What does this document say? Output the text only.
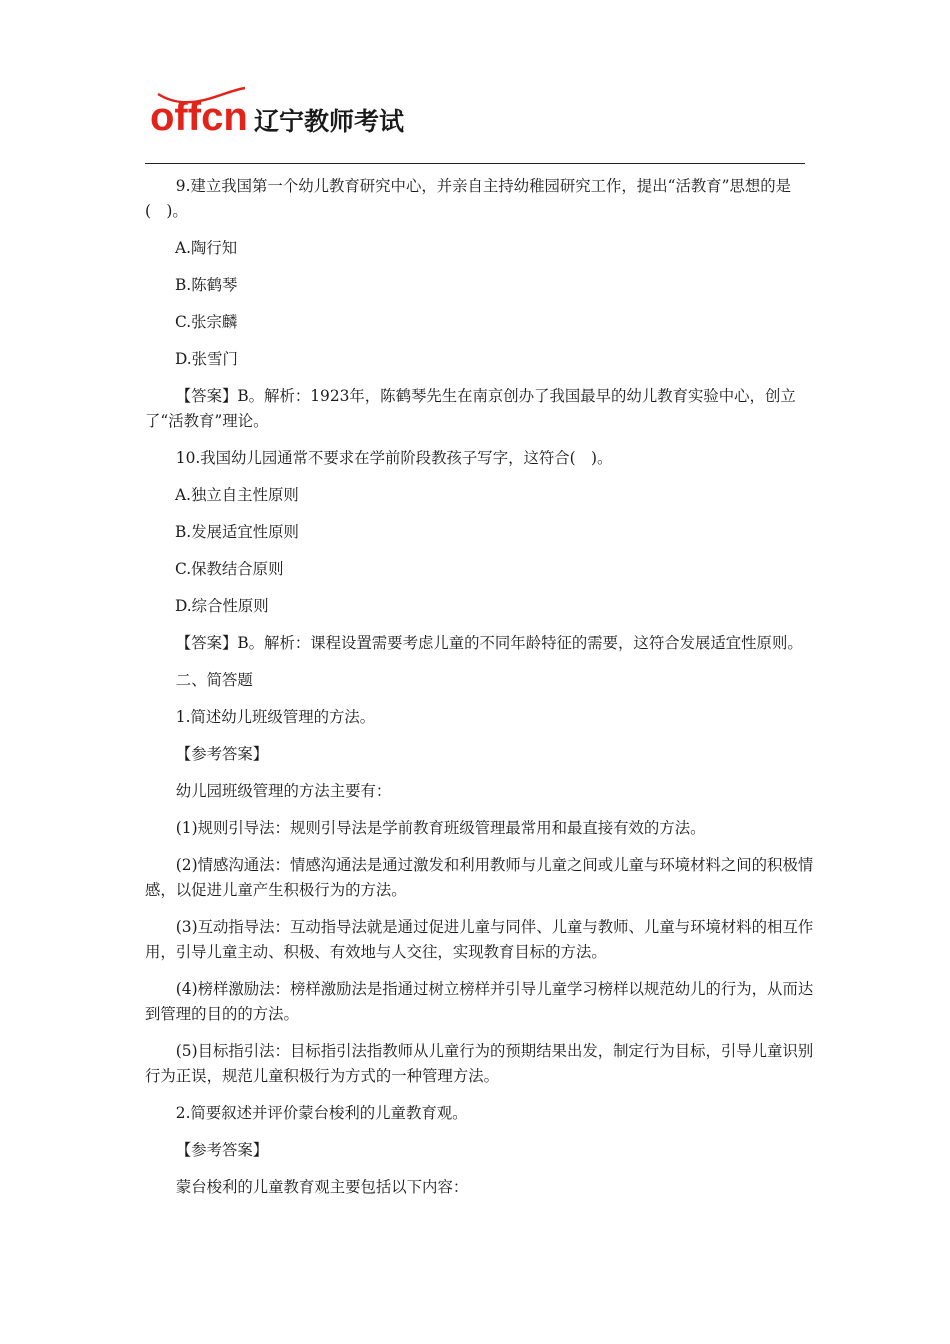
offcn 辽宁教师考试

9.建立我国第一个幼儿教育研究中心，并亲自主持幼稚园研究工作，提出“活教育”思想的是(　)。

A.陶行知

B.陈鹤琴

C.张宗麟

D.张雪门

【答案】B。解析：1923年，陈鹤琴先生在南京创办了我国最早的幼儿教育实验中心，创立了“活教育”理论。

10.我国幼儿园通常不要求在学前阶段教孩子写字，这符合(　)。

A.独立自主性原则

B.发展适宜性原则

C.保教结合原则

D.综合性原则

【答案】B。解析：课程设置需要考虑儿童的不同年龄特征的需要，这符合发展适宜性原则。

二、简答题

1.简述幼儿班级管理的方法。

【参考答案】

幼儿园班级管理的方法主要有：

(1)规则引导法：规则引导法是学前教育班级管理最常用和最直接有效的方法。

(2)情感沟通法：情感沟通法是通过激发和利用教师与儿童之间或儿童与环境材料之间的积极情感，以促进儿童产生积极行为的方法。

(3)互动指导法：互动指导法就是通过促进儿童与同伴、儿童与教师、儿童与环境材料的相互作用，引导儿童主动、积极、有效地与人交往，实现教育目标的方法。

(4)榜样激励法：榜样激励法是指通过树立榜样并引导儿童学习榜样以规范幼儿的行为，从而达到管理的目的的方法。

(5)目标指引法：目标指引法指教师从儿童行为的预期结果出发，制定行为目标，引导儿童识别行为正误，规范儿童积极行为方式的一种管理方法。

2.简要叙述并评价蒙台梭利的儿童教育观。

【参考答案】

蒙台梭利的儿童教育观主要包括以下内容：
